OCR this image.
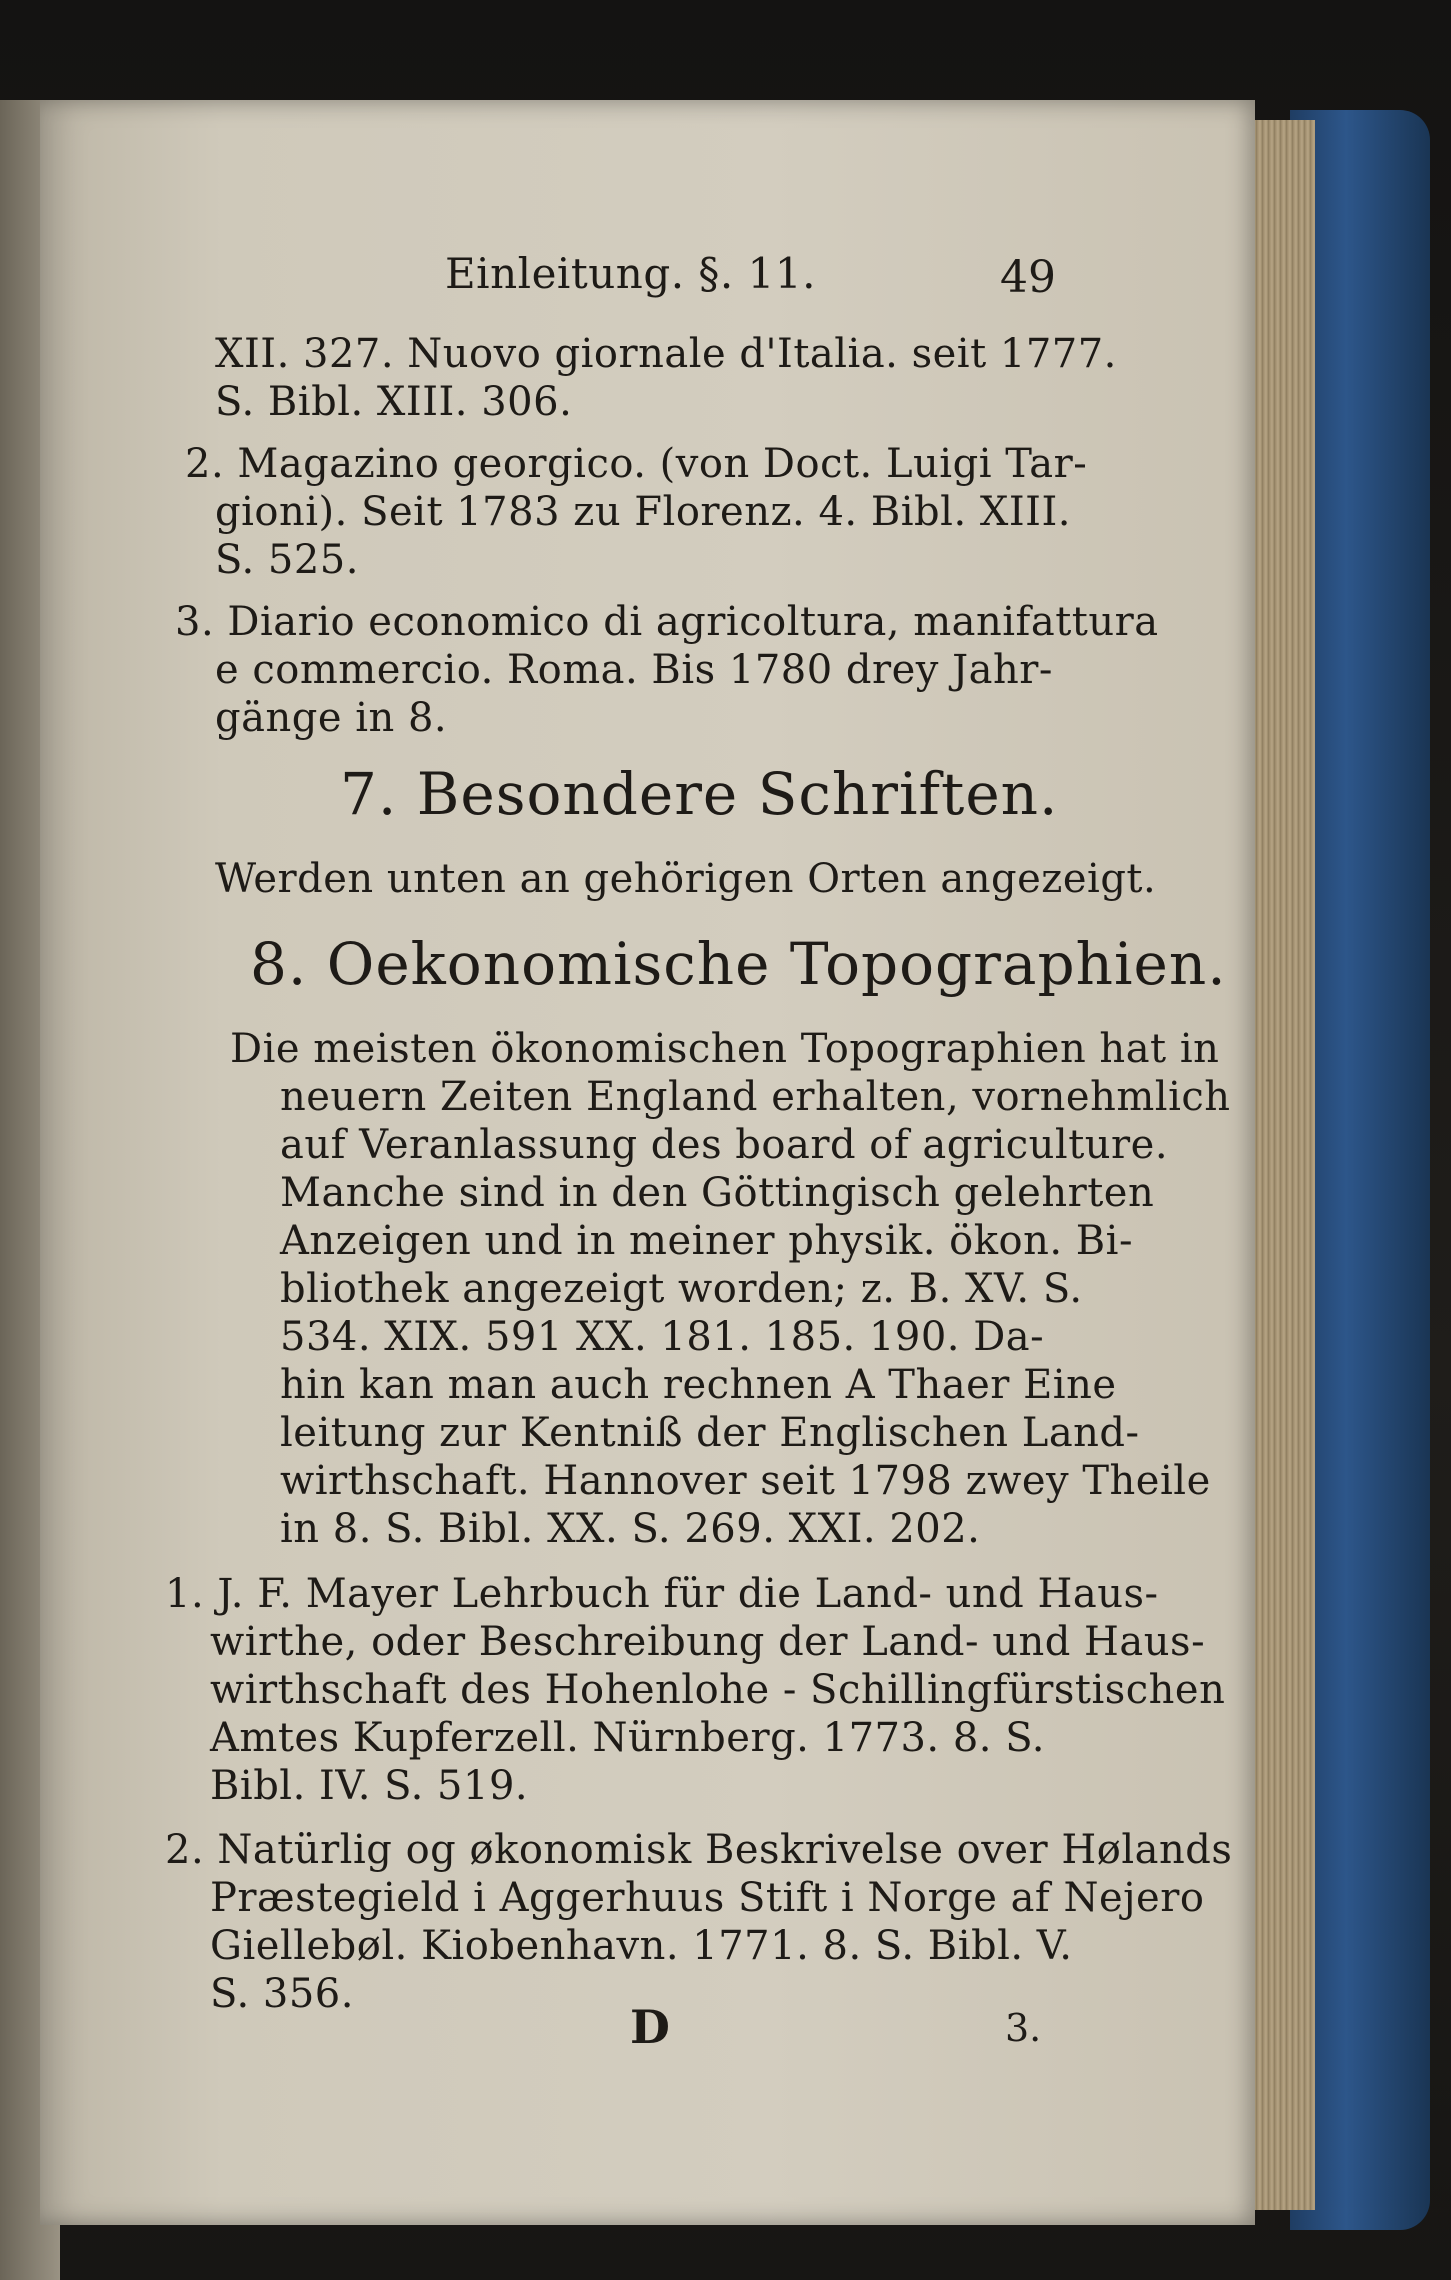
Einleitung. §. 11.	49
XII. 327. Nuovo giornale d'Italia. seit 1777.
S. Bibl. XIII. 306.
2. Magazino georgico. (von Doct. Luigi Tar-
gioni). Seit 1783 zu Florenz. 4. Bibl. XIII.
S. 525.
3. Diario economico di agricoltura, manifattura
e commercio. Roma. Bis 1780 drey Jahr-
gänge in 8.
7. Besondere Schriften.
Werden unten an gehörigen Orten angezeigt.
8. Oekonomische Topographien.
Die meisten ökonomischen Topographien hat in
neuern Zeiten England erhalten, vornehmlich
auf Veranlassung des board of agriculture.
Manche sind in den Göttingisch gelehrten
Anzeigen und in meiner physik. ökon. Bi-
bliothek angezeigt worden; z. B. XV. S.
534. XIX. 591 XX. 181. 185. 190. Da-
hin kan man auch rechnen A Thaer Eine
leitung zur Kentniß der Englischen Land-
wirthschaft. Hannover seit 1798 zwey Theile
in 8. S. Bibl. XX. S. 269. XXI. 202.
1. J. F. Mayer Lehrbuch für die Land- und Haus-
wirthe, oder Beschreibung der Land- und Haus-
wirthschaft des Hohenlohe - Schillingfürstischen
Amtes Kupferzell. Nürnberg. 1773. 8. S.
Bibl. IV. S. 519.
2. Natürlig og økonomisk Beskrivelse over Hølands
Præstegield i Aggerhuus Stift i Norge af Nejero
Giellebøl. Kiobenhavn. 1771. 8. S. Bibl. V.
S. 356.
D	3.
